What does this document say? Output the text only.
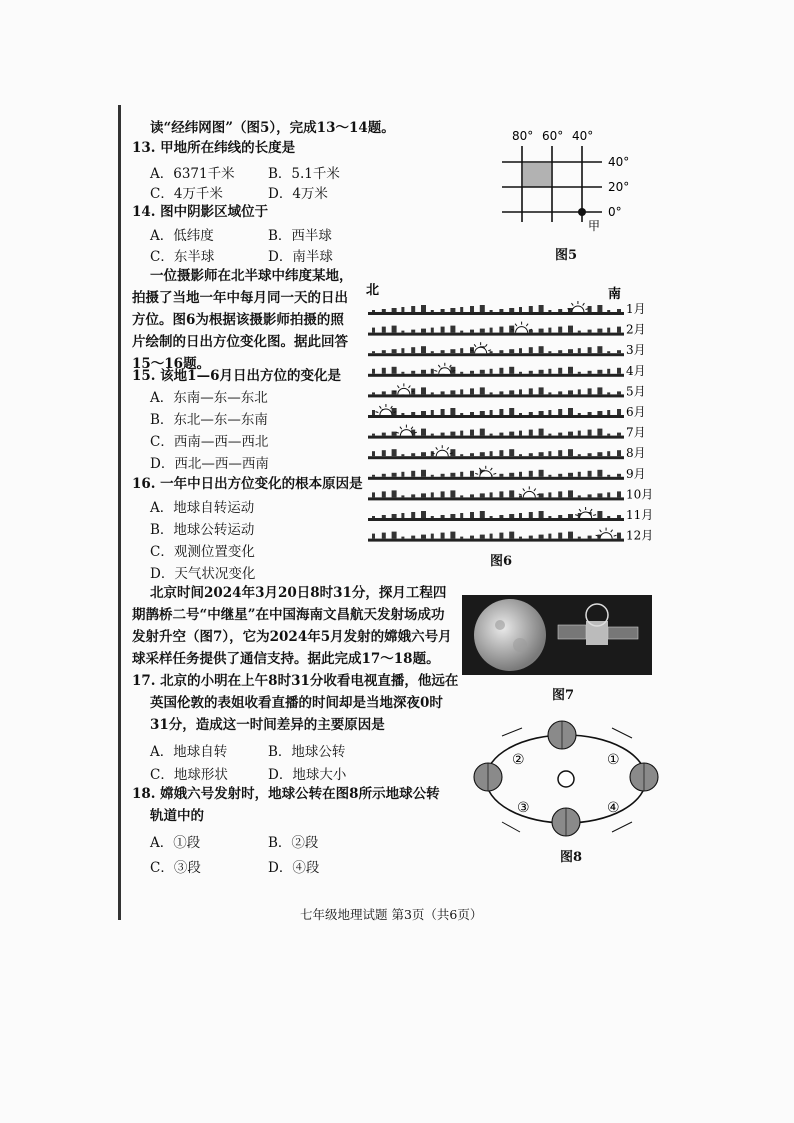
读“经纬网图”（图5），完成13～14题。
13. 甲地所在纬线的长度是
A．6371千米 B．5.1千米
C．4万千米	D．4万米
14. 图中阴影区域位于
A．低纬度	B．西半球
C．东半球	D．南半球
80° 60° 40°
40°
20°
0°
甲
图5
一位摄影师在北半球中纬度某地，
拍摄了当地一年中每月同一天的日出
方位。图6为根据该摄影师拍摄的照
片绘制的日出方位变化图。据此回答
15～16题。
15. 该地1—6月日出方位的变化是
A．东南—东—东北
B．东北—东—东南
C．西南—西—西北
D．西北—西—西南
16. 一年中日出方位变化的根本原因是
A．地球自转运动
B．地球公转运动
C．观测位置变化
D．天气状况变化
北	南
1月
2月
3月
4月
5月
6月
7月
8月
9月
10月
11月
12月
图6
北京时间2024年3月20日8时31分，探月工程四
期鹊桥二号“中继星”在中国海南文昌航天发射场成功
发射升空（图7），它为2024年5月发射的嫦娥六号月
球采样任务提供了通信支持。据此完成17～18题。
图7
17. 北京的小明在上午8时31分收看电视直播，他远在
英国伦敦的表姐收看直播的时间却是当地深夜0时
31分，造成这一时间差异的主要原因是
A．地球自转	B．地球公转
C．地球形状	D．地球大小
18. 嫦娥六号发射时，地球公转在图8所示地球公转
轨道中的
A．①段	B．②段
C．③段	D．④段
①
②
③	④
图8
七年级地理试题 第3页（共6页）
